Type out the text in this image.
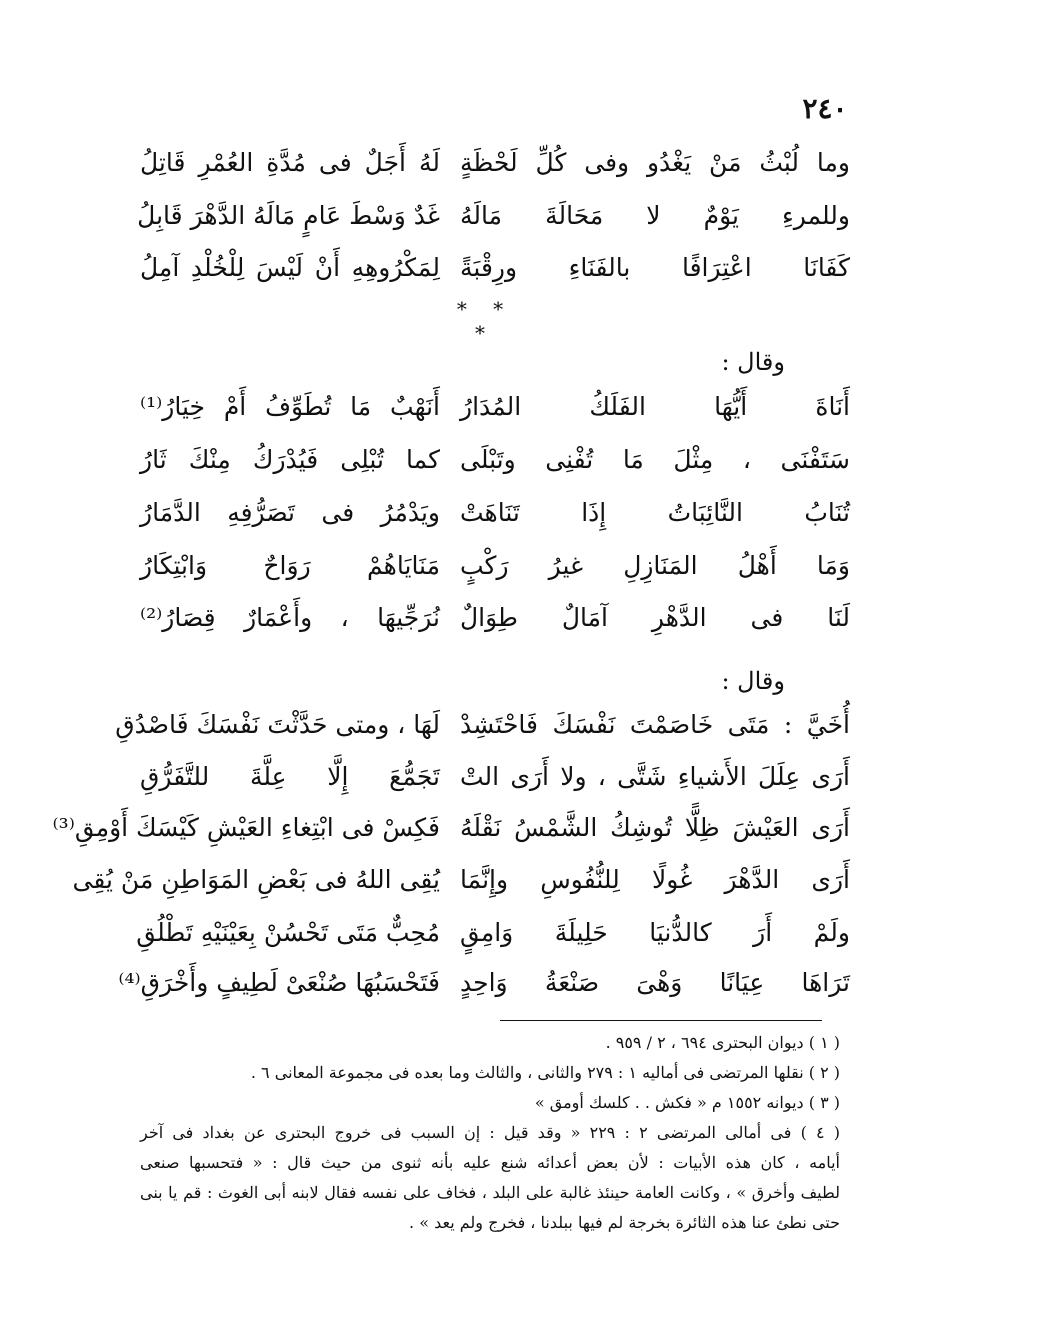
٢٤٠
وما لُبْثُ مَنْ يَغْدُو وفى كُلِّ لَحْظَةٍ
لَهُ أَجَلٌ فى مُدَّةِ العُمْرِ قَاتِلُ
وللمرءِ يَوْمٌ لا مَحَالَةَ مَالَهُ
غَدٌ وَسْطَ عَامٍ مَالَهُ الدَّهْرَ قَابِلُ
كَفَانَا اعْتِرَافًا بالفَنَاءِ ورِقْبَةً
لِمَكْرُوهِهِ أَنْ لَيْسَ لِلْخُلْدِ آمِلُ
* * *
وقال :
أَنَاةَ أَيُّهَا الفَلَكُ المُدَارُ
أَنَهْبٌ مَا تُطَوِّفُ أَمْ خِيَارُ⁽¹⁾
سَتَفْنَى ، مِثْلَ مَا تُفْنِى وتَبْلَى
كما تُبْلِى فَيُدْرَكُ مِنْكَ ثَارُ
تُنَابُ النَّائِبَاتُ إِذَا تَنَاهَتْ
ويَدْمُرُ فى تَصَرُّفِهِ الدَّمَارُ
وَمَا أَهْلُ المَنَازِلِ غيرُ رَكْبٍ
مَنَايَاهُمْ رَوَاحٌ وَابْتِكَارُ
لَنَا فى الدَّهْرِ آمَالٌ طِوَالٌ
نُرَجِّيهَا ، وأَعْمَارٌ قِصَارُ⁽²⁾
وقال :
أُخَيَّ : مَتَى خَاصَمْتَ نَفْسَكَ فَاحْتَشِدْ
لَهَا ، ومتى حَدَّثْتَ نَفْسَكَ فَاصْدُقِ
أَرَى عِلَلَ الأَشياءِ شَتَّى ، ولا أَرَى التْ
تَجَمُّعَ إِلَّا عِلَّةَ للتَّفَرُّقِ
أَرَى العَيْشَ ظِلًّا تُوشِكُ الشَّمْسُ نَقْلَهُ
فَكِسْ فى ابْتِغاءِ العَيْشِ كَيْسَكَ أَوْمِقِ⁽³⁾
أَرَى الدَّهْرَ غُولًا لِلنُّفُوسِ وإِنَّمَا
يُقِى اللهُ فى بَعْضِ المَوَاطِنِ مَنْ يُقِى
ولَمْ أَرَ كالدُّنيَا حَلِيلَةَ وَامِقٍ
مُحِبٌّ مَتَى تَحْسُنْ بِعَيْنَيْهِ تَطْلُقِ
تَرَاهَا عِيَانًا وَهْىَ صَنْعَةُ وَاحِدٍ
فَتَحْسَبُهَا صُنْعَىْ لَطِيفٍ وأَخْرَقِ⁽⁴⁾
( ١ ) ديوان البحترى ٦٩٤ ، ٢ / ٩٥٩ .
( ٢ ) نقلها المرتضى فى أماليه ١ : ٢٧٩ والثانى ، والثالث وما بعده فى مجموعة المعانى ٦ .
( ٣ ) ديوانه ١٥٥٢ م « فكش . . كلسك أومق »
( ٤ ) فى أمالى المرتضى ٢ : ٢٢٩ « وقد قيل : إن السبب فى خروج البحترى عن بغداد فى آخر
أيامه ، كان هذه الأبيات : لأن بعض أعدائه شنع عليه بأنه ثنوى من حيث قال : « فتحسبها صنعى
لطيف وأخرق » ، وكانت العامة حينئذ غالبة على البلد ، فخاف على نفسه فقال لابنه أبى الغوث : قم يا بنى
حتى نطئ عنا هذه الثائرة بخرجة لم فيها ببلدنا ، فخرج ولم يعد » .
